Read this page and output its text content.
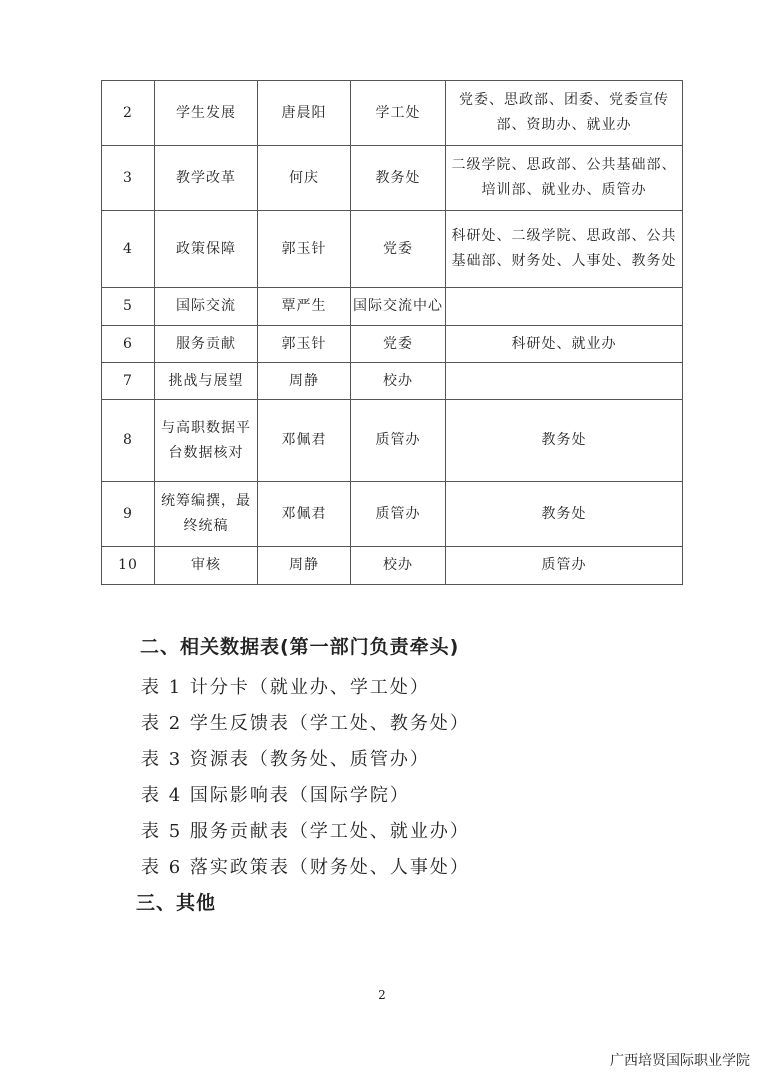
2	学生发展	唐晨阳	学工处	党委、思政部、团委、党委宣传部、资助办、就业办
3	教学改革	何庆	教务处	二级学院、思政部、公共基础部、培训部、就业办、质管办
4	政策保障	郭玉针	党委	科研处、二级学院、思政部、公共基础部、财务处、人事处、教务处
5	国际交流	覃严生	国际交流中心	
6	服务贡献	郭玉针	党委	科研处、就业办
7	挑战与展望	周静	校办	
8	与高职数据平台数据核对	邓佩君	质管办	教务处
9	统筹编撰，最终统稿	邓佩君	质管办	教务处
10	审核	周静	校办	质管办
二、相关数据表(第一部门负责牵头)
表 1 计分卡（就业办、学工处）
表 2 学生反馈表（学工处、教务处）
表 3 资源表（教务处、质管办）
表 4 国际影响表（国际学院）
表 5 服务贡献表（学工处、就业办）
表 6 落实政策表（财务处、人事处）
三、其他
2
广西培贤国际职业学院
